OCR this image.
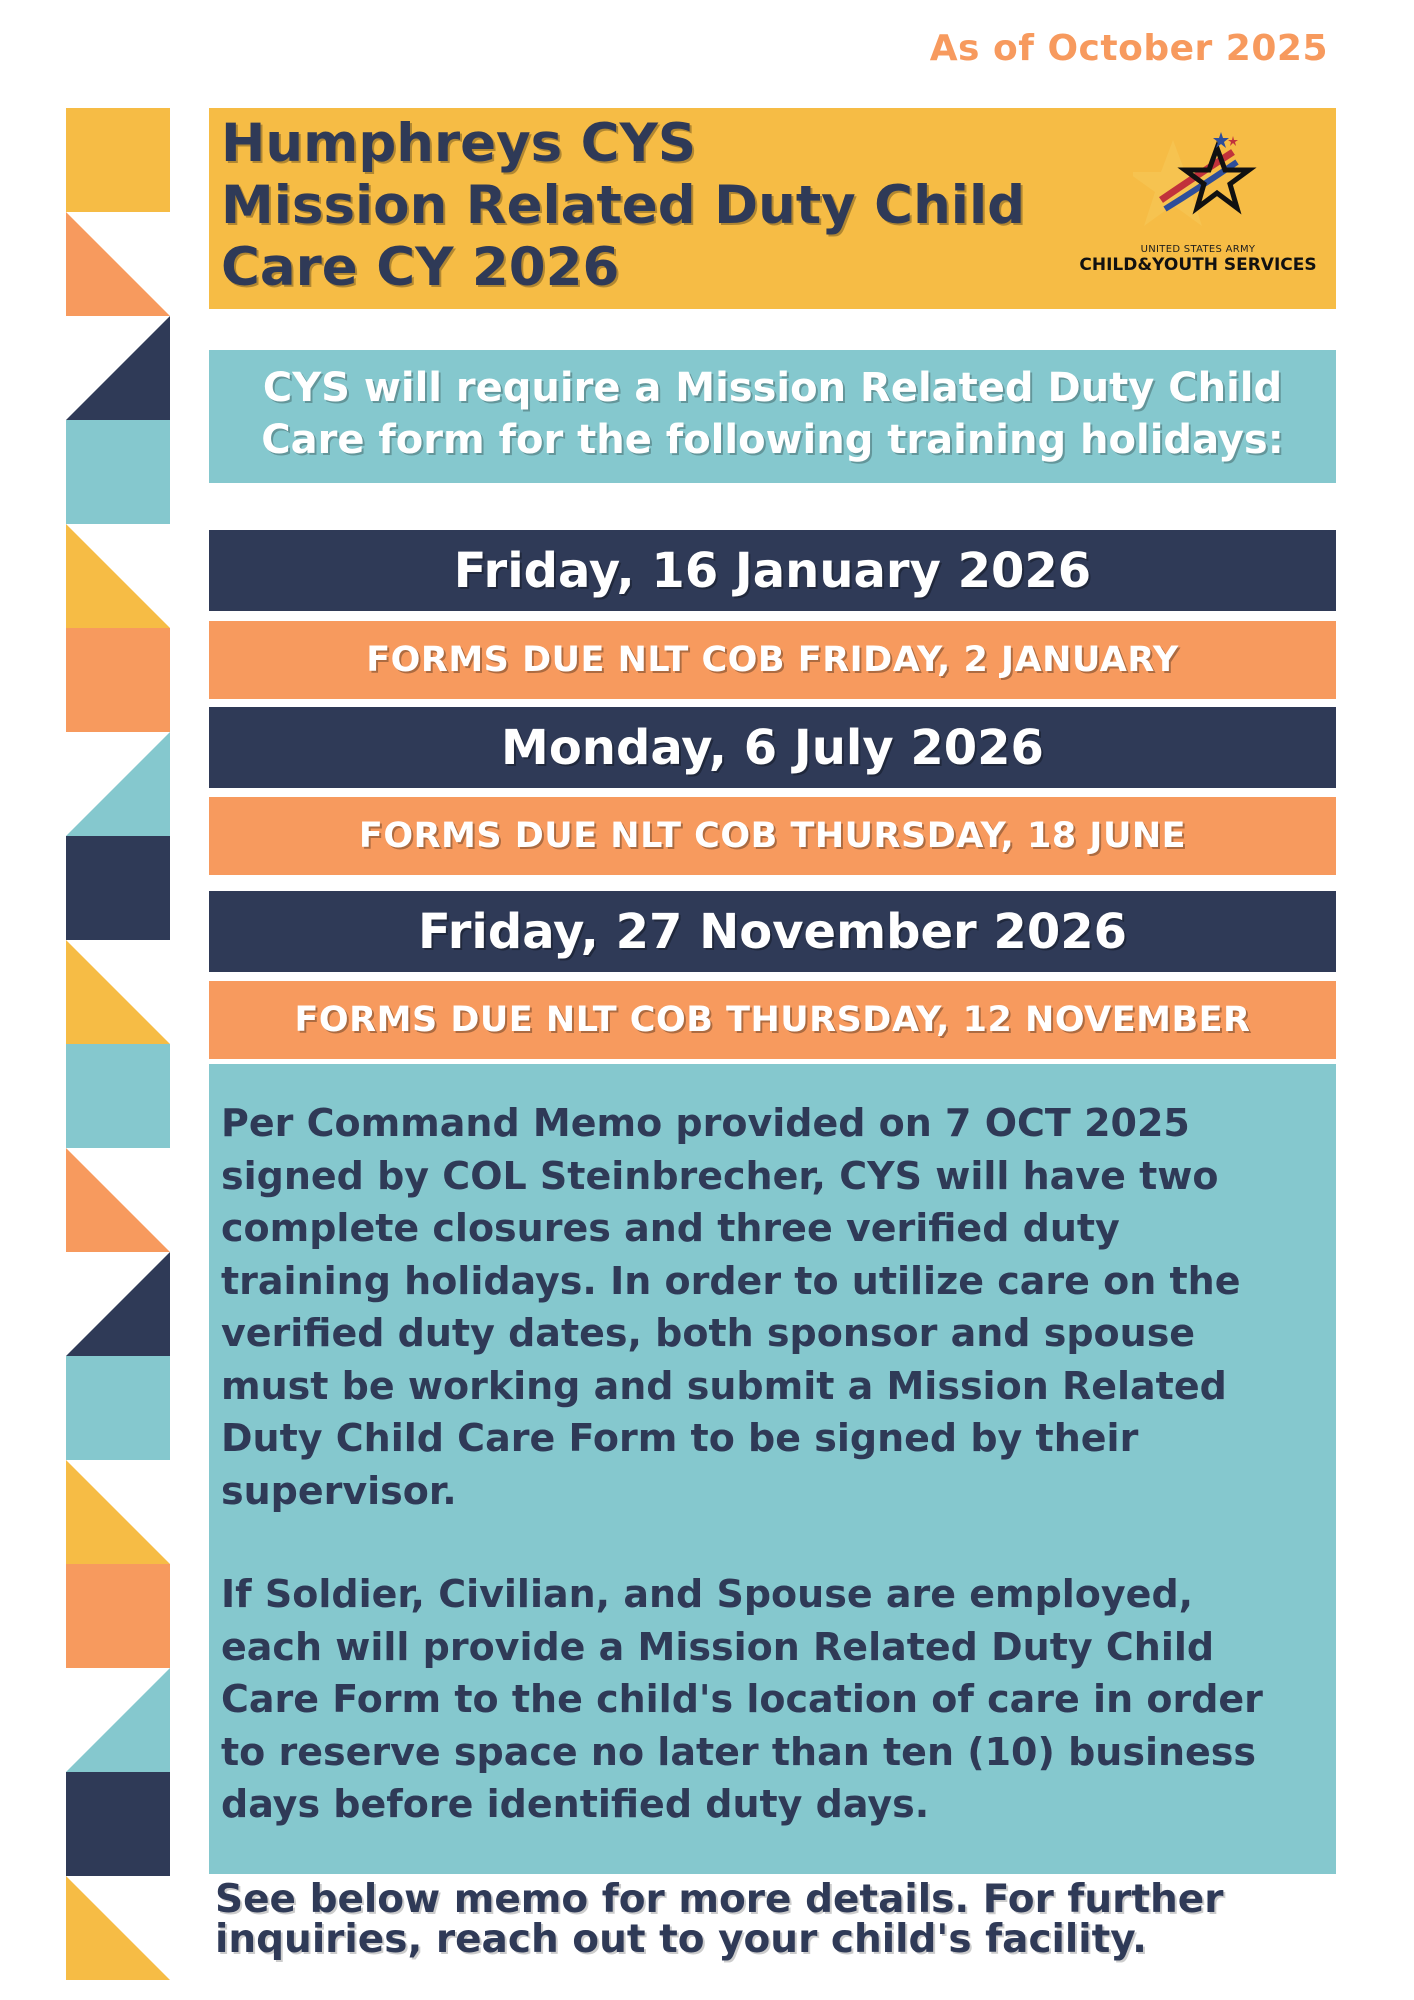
As of October 2025
Humphreys CYS
Mission Related Duty Child
Care CY 2026	UNITED STATES ARMY
CHILD&YOUTH SERVICES
CYS will require a Mission Related Duty Child
Care form for the following training holidays:
Friday, 16 January 2026
FORMS DUE NLT COB FRIDAY, 2 JANUARY
Monday, 6 July 2026
FORMS DUE NLT COB THURSDAY, 18 JUNE
Friday, 27 November 2026
FORMS DUE NLT COB THURSDAY, 12 NOVEMBER

Per Command Memo provided on 7 OCT 2025
signed by COL Steinbrecher, CYS will have two
complete closures and three verified duty
training holidays. In order to utilize care on the
verified duty dates, both sponsor and spouse
must be working and submit a Mission Related
Duty Child Care Form to be signed by their
supervisor.

If Soldier, Civilian, and Spouse are employed,
each will provide a Mission Related Duty Child
Care Form to the child's location of care in order
to reserve space no later than ten (10) business
days before identified duty days.

See below memo for more details. For further
inquiries, reach out to your child's facility.
